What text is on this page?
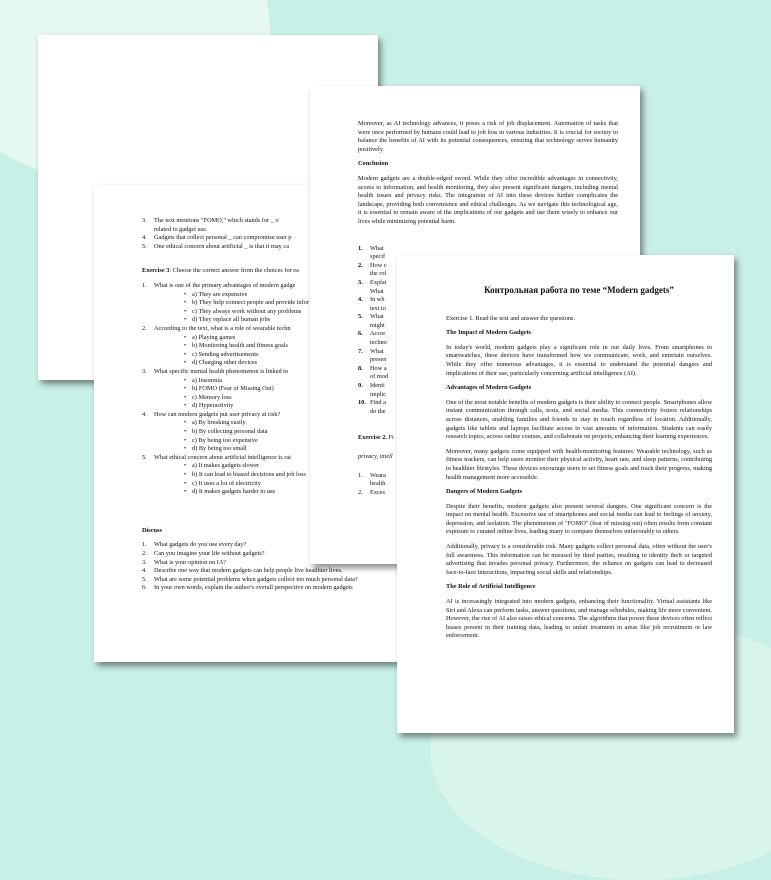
3. The text mentions "FOMO," which stands for _ o
related to gadget use.
4. Gadgets that collect personal _ can compromise user p
5. One ethical concern about artificial _ is that it may ca

Exercise 3: Choose the correct answer from the choices for ea

1. What is one of the primary advantages of modern gadge
• a) They are expensive
• b) They help connect people and provide infor
• c) They always work without any problems
• d) They replace all human jobs
2. According to the text, what is a role of wearable techn
• a) Playing games
• b) Monitoring health and fitness goals
• c) Sending advertisements
• d) Charging other devices
3. What specific mental health phenomenon is linked to
• a) Insomnia
• b) FOMO (Fear of Missing Out)
• c) Memory loss
• d) Hyperactivity
4. How can modern gadgets put user privacy at risk?
• a) By breaking easily
• b) By collecting personal data
• c) By being too expensive
• d) By being too small
5. What ethical concern about artificial intelligence is rai
• a) It makes gadgets slower
• b) It can lead to biased decisions and job loss
• c) It uses a lot of electricity
• d) It makes gadgets harder to use

Discuss

1. What gadgets do you use every day?
2. Can you imagine your life without gadgets?
3. What is your opinion on IA?
4. Describe one way that modern gadgets can help people live healthier lives.
5. What are some potential problems when gadgets collect too much personal data?
6. In your own words, explain the author's overall perspective on modern gadgets

Moreover, as AI technology advances, it poses a risk of job displacement. Automation of tasks that were once performed by humans could lead to job loss in various industries. It is crucial for society to balance the benefits of AI with its potential consequences, ensuring that technology serves humanity positively.

Conclusion

Modern gadgets are a double-edged sword. While they offer incredible advantages in connectivity, access to information, and health monitoring, they also present significant dangers, including mental health issues and privacy risks. The integration of AI into these devices further complicates the landscape, providing both convenience and ethical challenges. As we navigate this technological age, it is essential to remain aware of the implications of our gadgets and use them wisely to enhance our lives while minimizing potential harm.

1. What
specif
2. How c
the rol
3. Explai
What
4. In wh
text to
5. What
might
6. Accor
techno
7. What
presen
8. How a
of mod
9. Identi
implic
10. Find a
do the

Exercise 2. Fi

privacy, intell

1. Weara
health
2. Exces

Контрольная работа по теме “Modern gadgets”

Exercise 1. Read the text and answer the questions.

The Impact of Modern Gadgets

In today's world, modern gadgets play a significant role in our daily lives. From smartphones to smartwatches, these devices have transformed how we communicate, work, and entertain ourselves. While they offer numerous advantages, it is essential to understand the potential dangers and implications of their use, particularly concerning artificial intelligence (AI).

Advantages of Modern Gadgets

One of the most notable benefits of modern gadgets is their ability to connect people. Smartphones allow instant communication through calls, texts, and social media. This connectivity fosters relationships across distances, enabling families and friends to stay in touch regardless of location. Additionally, gadgets like tablets and laptops facilitate access to vast amounts of information. Students can easily research topics, access online courses, and collaborate on projects, enhancing their learning experiences.

Moreover, many gadgets come equipped with health-monitoring features. Wearable technology, such as fitness trackers, can help users monitor their physical activity, heart rate, and sleep patterns, contributing to healthier lifestyles. These devices encourage users to set fitness goals and track their progress, making health management more accessible.

Dangers of Modern Gadgets

Despite their benefits, modern gadgets also present several dangers. One significant concern is the impact on mental health. Excessive use of smartphones and social media can lead to feelings of anxiety, depression, and isolation. The phenomenon of "FOMO" (fear of missing out) often results from constant exposure to curated online lives, leading many to compare themselves unfavorably to others.

Additionally, privacy is a considerable risk. Many gadgets collect personal data, often without the user's full awareness. This information can be misused by third parties, resulting in identity theft or targeted advertising that invades personal privacy. Furthermore, the reliance on gadgets can lead to decreased face-to-face interactions, impacting social skills and relationships.

The Role of Artificial Intelligence

AI is increasingly integrated into modern gadgets, enhancing their functionality. Virtual assistants like Siri and Alexa can perform tasks, answer questions, and manage schedules, making life more convenient. However, the rise of AI also raises ethical concerns. The algorithms that power these devices often reflect biases present in their training data, leading to unfair treatment in areas like job recruitment or law enforcement.
